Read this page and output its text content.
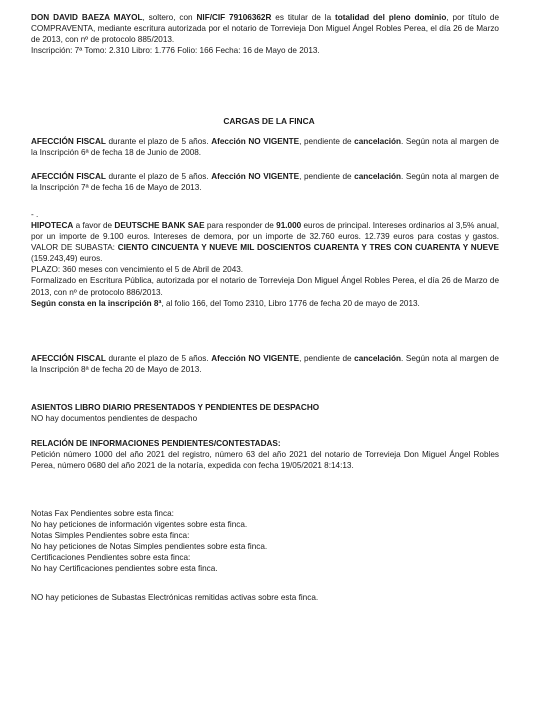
DON DAVID BAEZA MAYOL, soltero, con NIF/CIF 79106362R es titular de la totalidad del pleno dominio, por título de COMPRAVENTA, mediante escritura autorizada por el notario de Torrevieja Don Miguel Ángel Robles Perea, el día 26 de Marzo de 2013, con nº de protocolo 885/2013.
Inscripción: 7ª Tomo: 2.310 Libro: 1.776 Folio: 166 Fecha: 16 de Mayo de 2013.
CARGAS DE LA FINCA
AFECCIÓN FISCAL durante el plazo de 5 años. Afección NO VIGENTE, pendiente de cancelación. Según nota al margen de la Inscripción 6ª de fecha 18 de Junio de 2008.
AFECCIÓN FISCAL durante el plazo de 5 años. Afección NO VIGENTE, pendiente de cancelación. Según nota al margen de la Inscripción 7ª de fecha 16 de Mayo de 2013.
- .
HIPOTECA a favor de DEUTSCHE BANK SAE para responder de 91.000 euros de principal. Intereses ordinarios al 3,5% anual, por un importe de 9.100 euros. Intereses de demora, por un importe de 32.760 euros. 12.739 euros para costas y gastos. VALOR DE SUBASTA: CIENTO CINCUENTA Y NUEVE MIL DOSCIENTOS CUARENTA Y TRES CON CUARENTA Y NUEVE (159.243,49) euros.
PLAZO: 360 meses con vencimiento el 5 de Abril de 2043.
Formalizado en Escritura Pública, autorizada por el notario de Torrevieja Don Miguel Ángel Robles Perea, el día 26 de Marzo de 2013, con nº de protocolo 886/2013.
Según consta en la inscripción 8ª, al folio 166, del Tomo 2310, Libro 1776 de fecha 20 de mayo de 2013.
AFECCIÓN FISCAL durante el plazo de 5 años. Afección NO VIGENTE, pendiente de cancelación. Según nota al margen de la Inscripción 8ª de fecha 20 de Mayo de 2013.
ASIENTOS LIBRO DIARIO PRESENTADOS Y PENDIENTES DE DESPACHO
NO hay documentos pendientes de despacho
RELACIÓN DE INFORMACIONES PENDIENTES/CONTESTADAS:
Petición número 1000 del año 2021 del registro, número 63 del año 2021 del notario de Torrevieja Don Miguel Ángel Robles Perea, número 0680 del año 2021 de la notaría, expedida con fecha 19/05/2021 8:14:13.
Notas Fax Pendientes sobre esta finca:
No hay peticiones de información vigentes sobre esta finca.
Notas Simples Pendientes sobre esta finca:
No hay peticiones de Notas Simples pendientes sobre esta finca.
Certificaciones Pendientes sobre esta finca:
No hay Certificaciones pendientes sobre esta finca.
NO hay peticiones de Subastas Electrónicas remitidas activas sobre esta finca.
